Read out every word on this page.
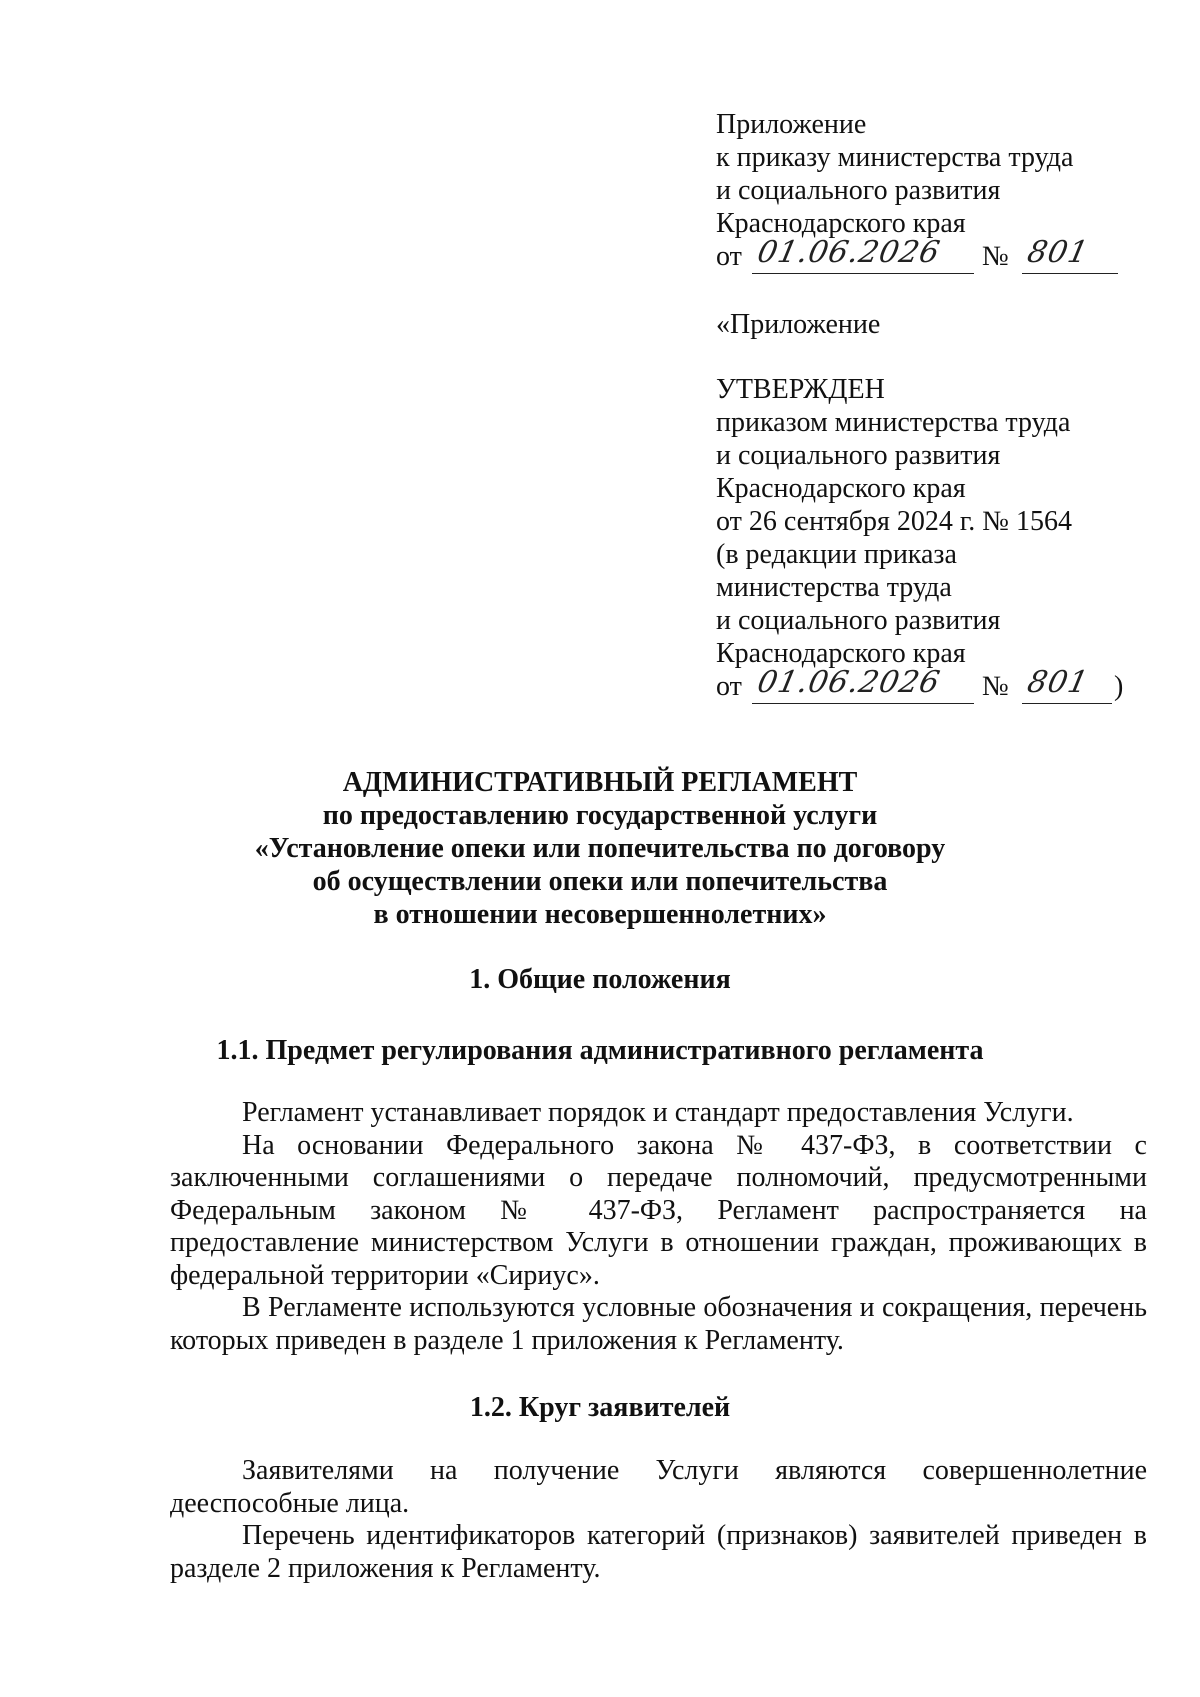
Приложение
к приказу министерства труда
и социального развития
Краснодарского края
от 01.06.2026 № 801
«Приложение
УТВЕРЖДЕН
приказом министерства труда
и социального развития
Краснодарского края
от 26 сентября 2024 г. № 1564
(в редакции приказа
министерства труда
и социального развития
Краснодарского края
от 01.06.2026 № 801 )
АДМИНИСТРАТИВНЫЙ РЕГЛАМЕНТ
по предоставлению государственной услуги
«Установление опеки или попечительства по договору
об осуществлении опеки или попечительства
в отношении несовершеннолетних»
1. Общие положения
1.1. Предмет регулирования административного регламента

Регламент устанавливает порядок и стандарт предоставления Услуги.

На основании Федерального закона № 437-ФЗ, в соответствии с заключенными соглашениями о передаче полномочий, предусмотренными Федеральным законом № 437-ФЗ, Регламент распространяется на предоставление министерством Услуги в отношении граждан, проживающих в федеральной территории «Сириус».

В Регламенте используются условные обозначения и сокращения, перечень которых приведен в разделе 1 приложения к Регламенту.

1.2. Круг заявителей

Заявителями на получение Услуги являются совершеннолетние дееспособные лица.

Перечень идентификаторов категорий (признаков) заявителей приведен в разделе 2 приложения к Регламенту.
